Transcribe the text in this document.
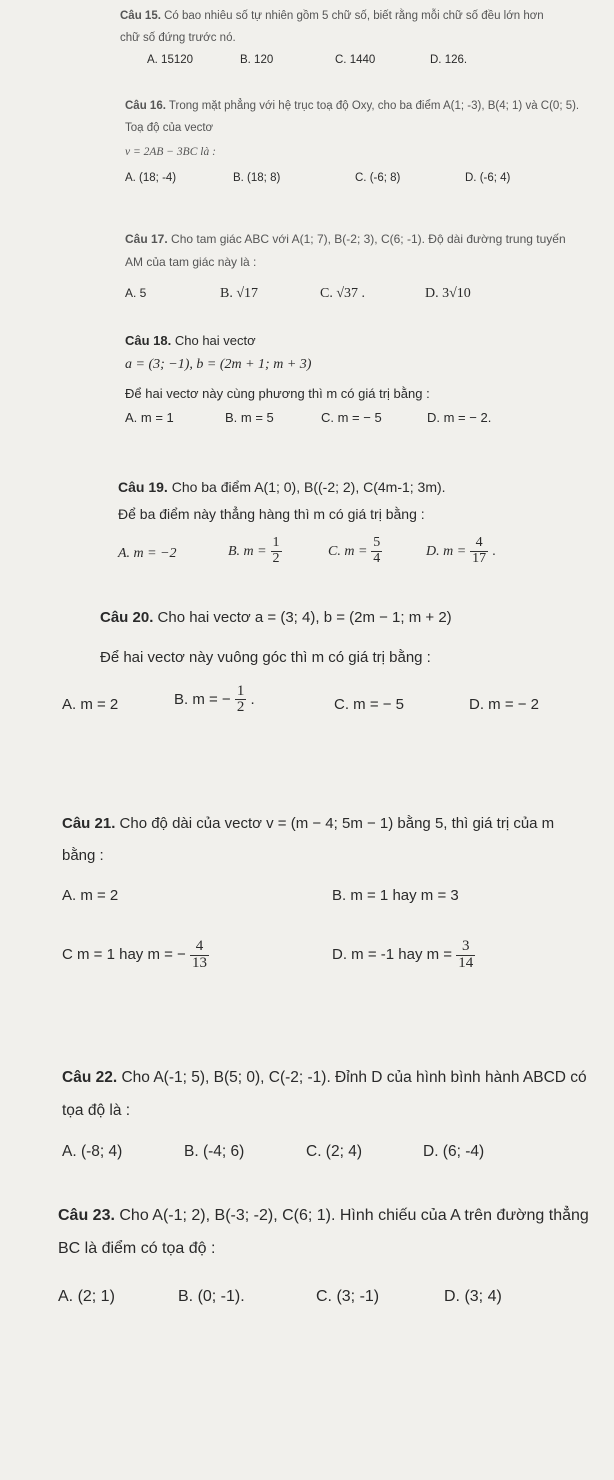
Câu 15. Có bao nhiêu số tự nhiên gồm 5 chữ số, biết rằng mỗi chữ số đều lớn hơn chữ số đứng trước nó.

A. 15120	B. 120	C. 1440	D. 126.

Câu 16. Trong mặt phẳng với hệ trục toạ độ Oxy, cho ba điểm A(1; -3), B(4; 1) và C(0; 5). Toạ độ của vectơ

v = 2AB − 3BC là :

A. (18; -4)	B. (18; 8)	C. (-6; 8)	D. (-6; 4)

Câu 17. Cho tam giác ABC với A(1; 7), B(-2; 3), C(6; -1). Độ dài đường trung tuyến AM của tam giác này là :

A. 5	B. √17	C. √37 .	D. 3√10

Câu 18. Cho hai vectơ

a = (3; −1), b = (2m + 1; m + 3)

Để hai vectơ này cùng phương thì m có giá trị bằng :

A. m = 1	B. m = 5	C. m = − 5	D. m = − 2.

Câu 19. Cho ba điểm A(1; 0), B((-2; 2), C(4m-1; 3m).

Để ba điểm này thẳng hàng thì m có giá trị bằng :

A. m = −2	B. $m = \frac{1}{2}$	C. $m = \frac{5}{4}$	D. $m = \frac{4}{17}$ .

Câu 20. Cho hai vectơ a = (3; 4), b = (2m − 1; m + 2)

Để hai vectơ này vuông góc thì m có giá trị bằng :

A. m = 2	B. m = − $\frac{1}{2}$ .	C. m = − 5	D. m = − 2

Câu 21. Cho độ dài của vectơ v = (m − 4; 5m − 1) bằng 5, thì giá trị của m bằng :

A. m = 2	B. m = 1 hay m = 3
C m = 1 hay m = − $\frac{4}{13}$	D. m = -1 hay $m = \frac{3}{14}$

Câu 22. Cho A(-1; 5), B(5; 0), C(-2; -1). Đỉnh D của hình bình hành ABCD có tọa độ là :

A. (-8; 4)	B. (-4; 6)	C. (2; 4)	D. (6; -4)

Câu 23. Cho A(-1; 2), B(-3; -2), C(6; 1). Hình chiếu của A trên đường thẳng BC là điểm có tọa độ :

A. (2; 1)	B. (0; -1).	C. (3; -1)	D. (3; 4)
